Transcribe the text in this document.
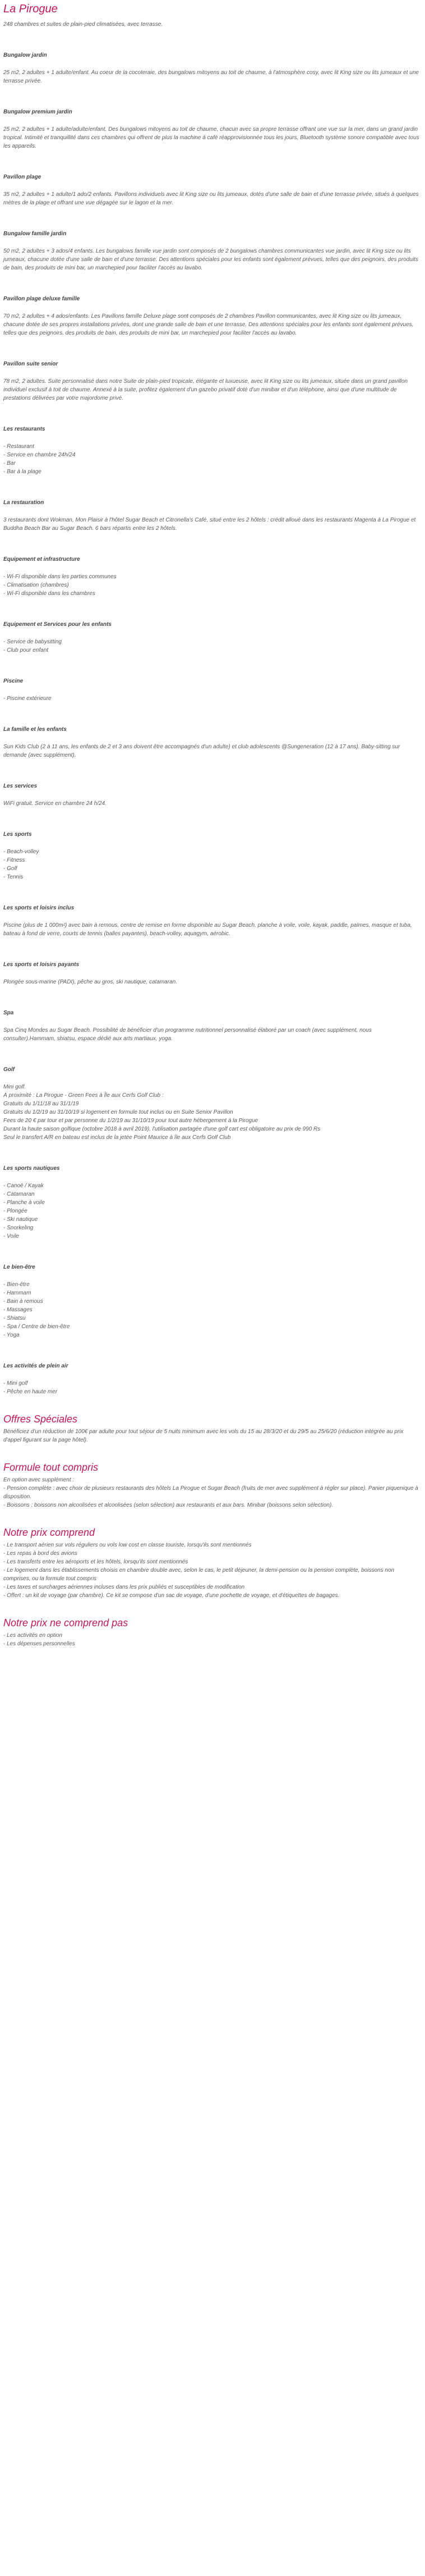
La Pirogue

248 chambres et suites de plain-pied climatisées, avec terrasse.

Bungalow jardin

25 m2, 2 adultes + 1 adulte/enfant. Au coeur de la cocoteraie, des bungalows mitoyens au toit de chaume, à l'atmosphère cosy, avec lit King size ou lits jumeaux et une terrasse privée.

Bungalow premium jardin

25 m2, 2 adultes + 1 adulte/adulte/enfant. Des bungalows mitoyens au toit de chaume, chacun avec sa propre terrasse offrant une vue sur la mer, dans un grand jardin tropical. Intimité et tranquillité dans ces chambres qui offrent de plus la machine à café réapprovisionnée tous les jours, Bluetooth système sonore compatible avec tous les appareils.

Pavillon plage

35 m2, 2 adultes + 1 adulte/1 ado/2 enfants. Pavillons individuels avec lit King size ou lits jumeaux, dotés d'une salle de bain et d'une terrasse privée, situés à quelques mètres de la plage et offrant une vue dégagée sur le lagon et la mer.

Bungalow famille jardin

50 m2, 2 adultes + 3 ados/4 enfants. Les bungalows famille vue jardin sont composés de 2 bungalows chambres communicantes vue jardin, avec lit King size ou lits jumeaux, chacune dotée d'une salle de bain et d'une terrasse. Des attentions spéciales pour les enfants sont également prévues, telles que des peignoirs, des produits de bain, des produits de mini bar, un marchepied pour faciliter l'accès au lavabo.

Pavillon plage deluxe famille

70 m2, 2 adultes + 4 ados/enfants. Les Pavillons famille Deluxe plage sont composés de 2 chambres Pavillon communicantes, avec lit King size ou lits jumeaux, chacune dotée de ses propres installations privées, dont une grande salle de bain et une terrasse. Des attentions spéciales pour les enfants sont également prévues, telles que des peignoirs, des produits de bain, des produits de mini bar, un marchepied pour faciliter l'accès au lavabo.

Pavillon suite senior

78 m2, 2 adultes. Suite personnalisé dans notre Suite de plain-pied tropicale, élégante et luxueuse, avec lit King size ou lits jumeaux, située dans un grand pavillon individuel exclusif à toit de chaume. Annexé à la suite, profitez également d'un gazebo privatif doté d'un minibar et d'un téléphone, ainsi que d'une multitude de prestations délivrées par votre majordome privé.

Les restaurants
- Restaurant
- Service en chambre 24h/24
- Bar
- Bar à la plage
La restauration

3 restaurants dont Wokman, Mon Plaisir à l'hôtel Sugar Beach et Citronella's Café, situé entre les 2 hôtels : crédit alloué dans les restaurants Magenta à La Pirogue et Buddha Beach Bar au Sugar Beach. 6 bars répartis entre les 2 hôtels.

Equipement et infrastructure
- Wi-Fi disponible dans les parties communes
- Climatisation (chambres)
- Wi-Fi disponible dans les chambres
Equipement et Services pour les enfants
- Service de babysitting
- Club pour enfant
Piscine
- Piscine extérieure
La famille et les enfants

Sun Kids Club (2 à 11 ans, les enfants de 2 et 3 ans doivent être accompagnés d'un adulte) et club adolescents @Sungeneration (12 à 17 ans). Baby-sitting sur demande (avec supplément).

Les services

WiFi gratuit. Service en chambre 24 h/24.

Les sports
- Beach-volley
- Fitness
- Golf
- Tennis
Les sports et loisirs inclus

Piscine (plus de 1 000m²) avec bain à remous, centre de remise en forme disponible au Sugar Beach, planche à voile, voile, kayak, paddle, palmes, masque et tuba, bateau à fond de verre, courts de tennis (balles payantes), beach-volley, aquagym, aérobic.

Les sports et loisirs payants

Plongée sous-marine (PADI), pêche au gros, ski nautique, catamaran.

Spa

Spa Cinq Mondes au Sugar Beach. Possibilité de bénéficier d'un programme nutritionnel personnalisé élaboré par un coach (avec supplément, nous consulter).Hammam, shiatsu, espace dédié aux arts martiaux, yoga.

Golf
Mini golf.
À proximité : La Pirogue - Green Fees à Île aux Cerfs Golf Club :
Gratuits du 1/11/18 au 31/1/19
Gratuits du 1/2/19 au 31/10/19 si logement en formule tout inclus ou en Suite Senior Pavillon
Fees de 20 € par tour et par personne du 1/2/19 au 31/10/19 pour tout autre hébergement à la Pirogue
Durant la haute saison golfique (octobre 2018 à avril 2019), l'utilisation partagée d'une golf cart est obligatoire au prix de 990 Rs
Seul le transfert A/R en bateau est inclus de la jetée Point Maurice à île aux Cerfs Golf Club
Les sports nautiques
- Canoë / Kayak
- Catamaran
- Planche à voile
- Plongée
- Ski nautique
- Snorkeling
- Voile
Le bien-être
- Bien-être
- Hammam
- Bain à remous
- Massages
- Shiatsu
- Spa / Centre de bien-être
- Yoga
Les activités de plein air
- Mini golf
- Pêche en haute mer
Offres Spéciales

Bénéficiez d'un réduction de 100€ par adulte pour tout séjour de 5 nuits minimum avec les vols du 15 au 28/3/20 et du 29/5 au 25/6/20 (réduction intégrée au prix d'appel figurant sur la page hôtel).

Formule tout compris
En option avec supplément :
- Pension complète : avec choix de plusieurs restaurants des hôtels La Pirogue et Sugar Beach (fruits de mer avec supplément à régler sur place). Panier piquenique à disposition.
- Boissons : boissons non alcoolisées et alcoolisées (selon sélection) aux restaurants et aux bars. Minibar (boissons selon sélection).
Notre prix comprend
- Le transport aérien sur vols réguliers ou vols low cost en classe touriste, lorsqu'ils sont mentionnés
- Les repas à bord des avions
- Les transferts entre les aéroports et les hôtels, lorsqu'ils sont mentionnés
- Le logement dans les établissements choisis en chambre double avec, selon le cas, le petit déjeuner, la demi-pension ou la pension complète, boissons non comprises, ou la formule tout compris
- Les taxes et surcharges aériennes incluses dans les prix publiés et susceptibles de modification
- Offert : un kit de voyage (par chambre). Ce kit se compose d'un sac de voyage, d'une pochette de voyage, et d'étiquettes de bagages.
Notre prix ne comprend pas
- Les activités en option
- Les dépenses personnelles
